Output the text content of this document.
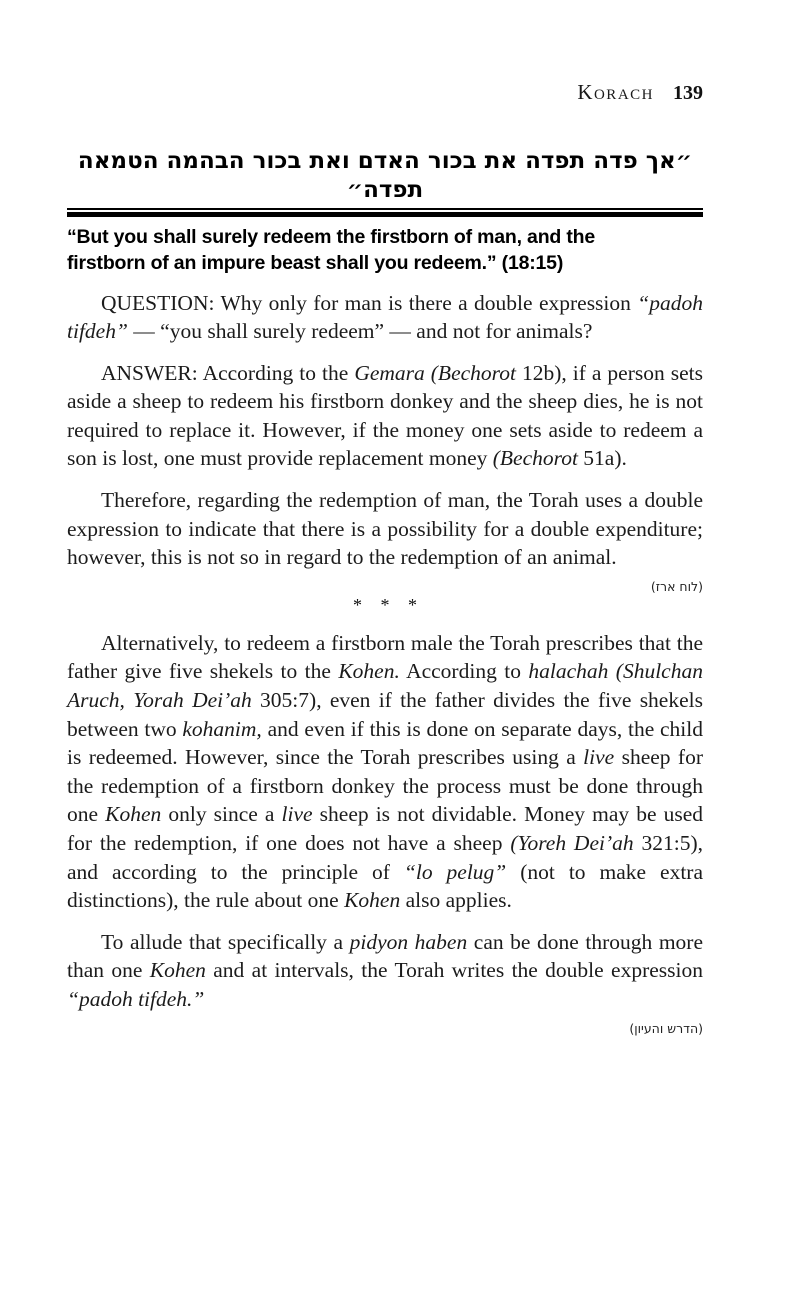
Korach 139
״אך פדה תפדה את בכור האדם ואת בכור הבהמה הטמאה תפדה״
“But you shall surely redeem the firstborn of man, and the
firstborn of an impure beast shall you redeem.” (18:15)

QUESTION: Why only for man is there a double expression “padoh tifdeh” — “you shall surely redeem” — and not for animals?

ANSWER: According to the Gemara (Bechorot 12b), if a person sets aside a sheep to redeem his firstborn donkey and the sheep dies, he is not required to replace it. However, if the money one sets aside to redeem a son is lost, one must provide replacement money (Bechorot 51a).

Therefore, regarding the redemption of man, the Torah uses a double expression to indicate that there is a possibility for a double expenditure; however, this is not so in regard to the redemption of an animal.

(לוח ארז)
* * *

Alternatively, to redeem a firstborn male the Torah prescribes that the father give five shekels to the Kohen. According to halachah (Shulchan Aruch, Yorah Dei’ah 305:7), even if the father divides the five shekels between two kohanim, and even if this is done on separate days, the child is redeemed. However, since the Torah prescribes using a live sheep for the redemption of a firstborn donkey the process must be done through one Kohen only since a live sheep is not dividable. Money may be used for the redemption, if one does not have a sheep (Yoreh Dei’ah 321:5), and according to the principle of “lo pelug” (not to make extra distinctions), the rule about one Kohen also applies.

To allude that specifically a pidyon haben can be done through more than one Kohen and at intervals, the Torah writes the double expression “padoh tifdeh.”

(הדרש והעיון)
